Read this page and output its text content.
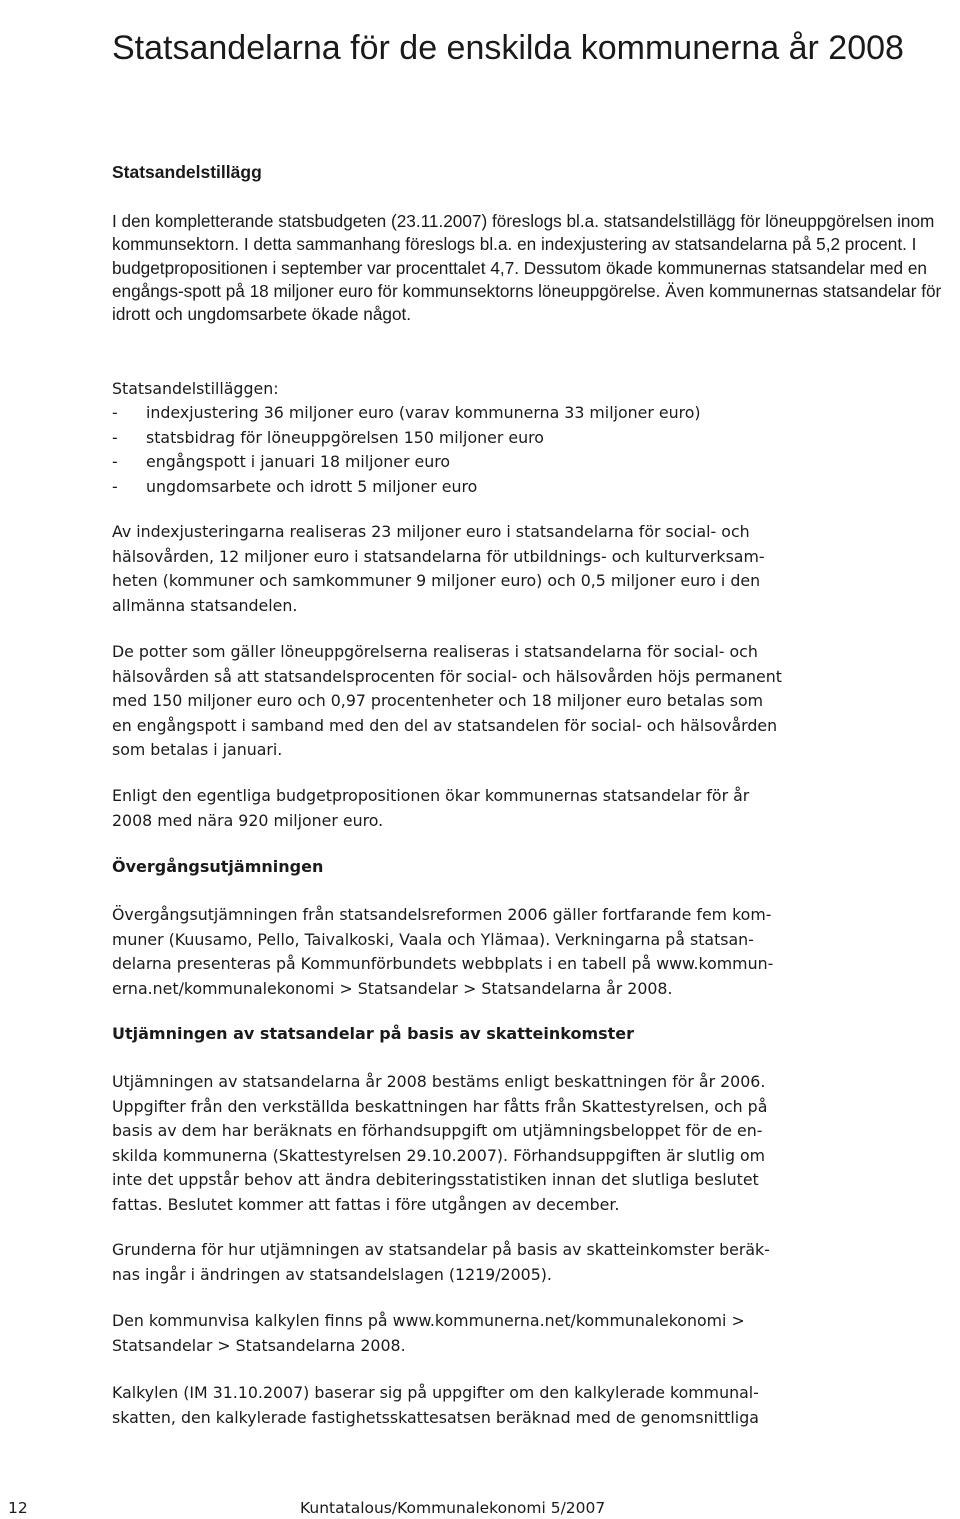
Statsandelarna för de enskilda kommunerna år 2008
Statsandelstillägg

I den kompletterande statsbudgeten (23.11.2007) föreslogs bl.a. statsandelstillägg för löneuppgörelsen inom kommunsektorn. I detta sammanhang föreslogs bl.a. en indexjustering av statsandelarna på 5,2 procent. I budgetpropositionen i september var procenttalet 4,7. Dessutom ökade kommunernas statsandelar med en engångs-spott på 18 miljoner euro för kommunsektorns löneuppgörelse. Även kommunernas statsandelar för idrott och ungdomsarbete ökade något.

Statsandelstilläggen:

-	indexjustering 36 miljoner euro (varav kommunerna 33 miljoner euro)
-	statsbidrag för löneuppgörelsen 150 miljoner euro
-	engångspott i januari 18 miljoner euro
-	ungdomsarbete och idrott 5 miljoner euro

Av indexjusteringarna realiseras 23 miljoner euro i statsandelarna för social- och
hälsovården, 12 miljoner euro i statsandelarna för utbildnings- och kulturverksam-
heten (kommuner och samkommuner 9 miljoner euro) och 0,5 miljoner euro i den
allmänna statsandelen.

De potter som gäller löneuppgörelserna realiseras i statsandelarna för social- och
hälsovården så att statsandelsprocenten för social- och hälsovården höjs permanent
med 150 miljoner euro och 0,97 procentenheter och 18 miljoner euro betalas som
en engångspott i samband med den del av statsandelen för social- och hälsovården
som betalas i januari.

Enligt den egentliga budgetpropositionen ökar kommunernas statsandelar för år
2008 med nära 920 miljoner euro.

Övergångsutjämningen

Övergångsutjämningen från statsandelsreformen 2006 gäller fortfarande fem kom-
muner (Kuusamo, Pello, Taivalkoski, Vaala och Ylämaa). Verkningarna på statsan-
delarna presenteras på Kommunförbundets webbplats i en tabell på www.kommun-
erna.net/kommunalekonomi > Statsandelar > Statsandelarna år 2008.

Utjämningen av statsandelar på basis av skatteinkomster

Utjämningen av statsandelarna år 2008 bestäms enligt beskattningen för år 2006.
Uppgifter från den verkställda beskattningen har fåtts från Skattestyrelsen, och på
basis av dem har beräknats en förhandsuppgift om utjämningsbeloppet för de en-
skilda kommunerna (Skattestyrelsen 29.10.2007). Förhandsuppgiften är slutlig om
inte det uppstår behov att ändra debiteringsstatistiken innan det slutliga beslutet
fattas. Beslutet kommer att fattas i före utgången av december.

Grunderna för hur utjämningen av statsandelar på basis av skatteinkomster beräk-
nas ingår i ändringen av statsandelslagen (1219/2005).

Den kommunvisa kalkylen finns på www.kommunerna.net/kommunalekonomi >
Statsandelar > Statsandelarna 2008.

Kalkylen (IM 31.10.2007) baserar sig på uppgifter om den kalkylerade kommunal-
skatten, den kalkylerade fastighetsskattesatsen beräknad med de genomsnittliga

12	Kuntatalous/Kommunalekonomi 5/2007
